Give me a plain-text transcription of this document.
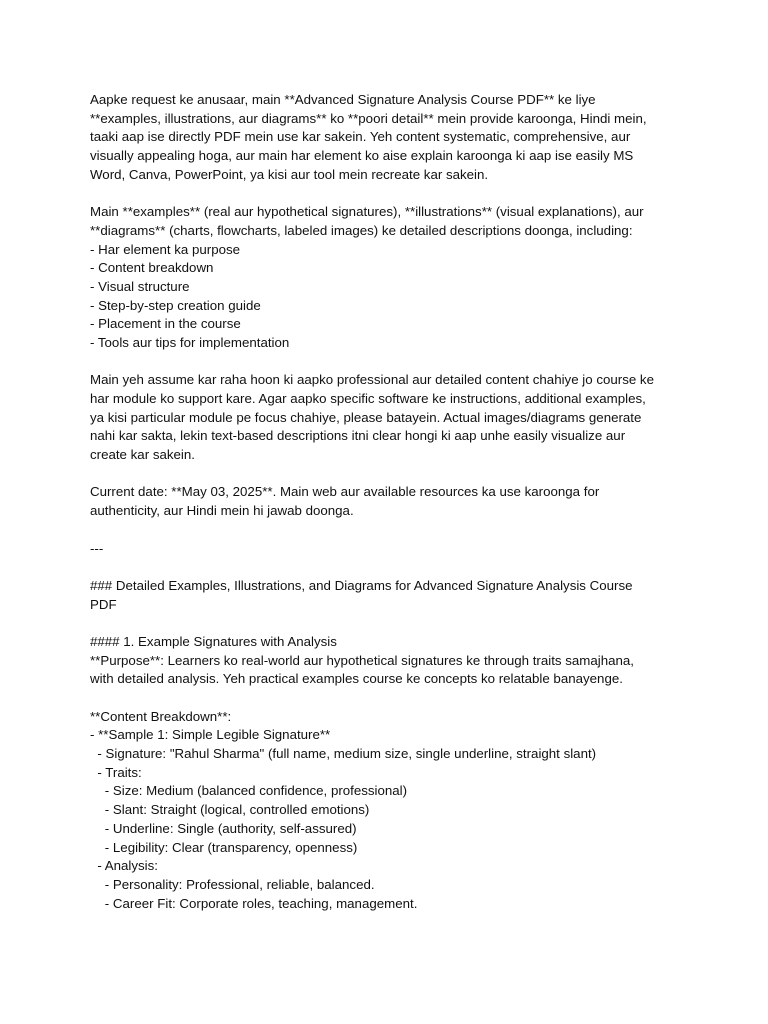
Aapke request ke anusaar, main **Advanced Signature Analysis Course PDF** ke liye
**examples, illustrations, aur diagrams** ko **poori detail** mein provide karoonga, Hindi mein,
taaki aap ise directly PDF mein use kar sakein. Yeh content systematic, comprehensive, aur
visually appealing hoga, aur main har element ko aise explain karoonga ki aap ise easily MS
Word, Canva, PowerPoint, ya kisi aur tool mein recreate kar sakein.
Main **examples** (real aur hypothetical signatures), **illustrations** (visual explanations), aur
**diagrams** (charts, flowcharts, labeled images) ke detailed descriptions doonga, including:
- Har element ka purpose
- Content breakdown
- Visual structure
- Step-by-step creation guide
- Placement in the course
- Tools aur tips for implementation
Main yeh assume kar raha hoon ki aapko professional aur detailed content chahiye jo course ke
har module ko support kare. Agar aapko specific software ke instructions, additional examples,
ya kisi particular module pe focus chahiye, please batayein. Actual images/diagrams generate
nahi kar sakta, lekin text-based descriptions itni clear hongi ki aap unhe easily visualize aur
create kar sakein.
Current date: **May 03, 2025**. Main web aur available resources ka use karoonga for
authenticity, aur Hindi mein hi jawab doonga.
---
### Detailed Examples, Illustrations, and Diagrams for Advanced Signature Analysis Course
PDF
#### 1. Example Signatures with Analysis
**Purpose**: Learners ko real-world aur hypothetical signatures ke through traits samajhana,
with detailed analysis. Yeh practical examples course ke concepts ko relatable banayenge.
**Content Breakdown**:
- **Sample 1: Simple Legible Signature**
- Signature: "Rahul Sharma" (full name, medium size, single underline, straight slant)
- Traits:
- Size: Medium (balanced confidence, professional)
- Slant: Straight (logical, controlled emotions)
- Underline: Single (authority, self-assured)
- Legibility: Clear (transparency, openness)
- Analysis:
- Personality: Professional, reliable, balanced.
- Career Fit: Corporate roles, teaching, management.
